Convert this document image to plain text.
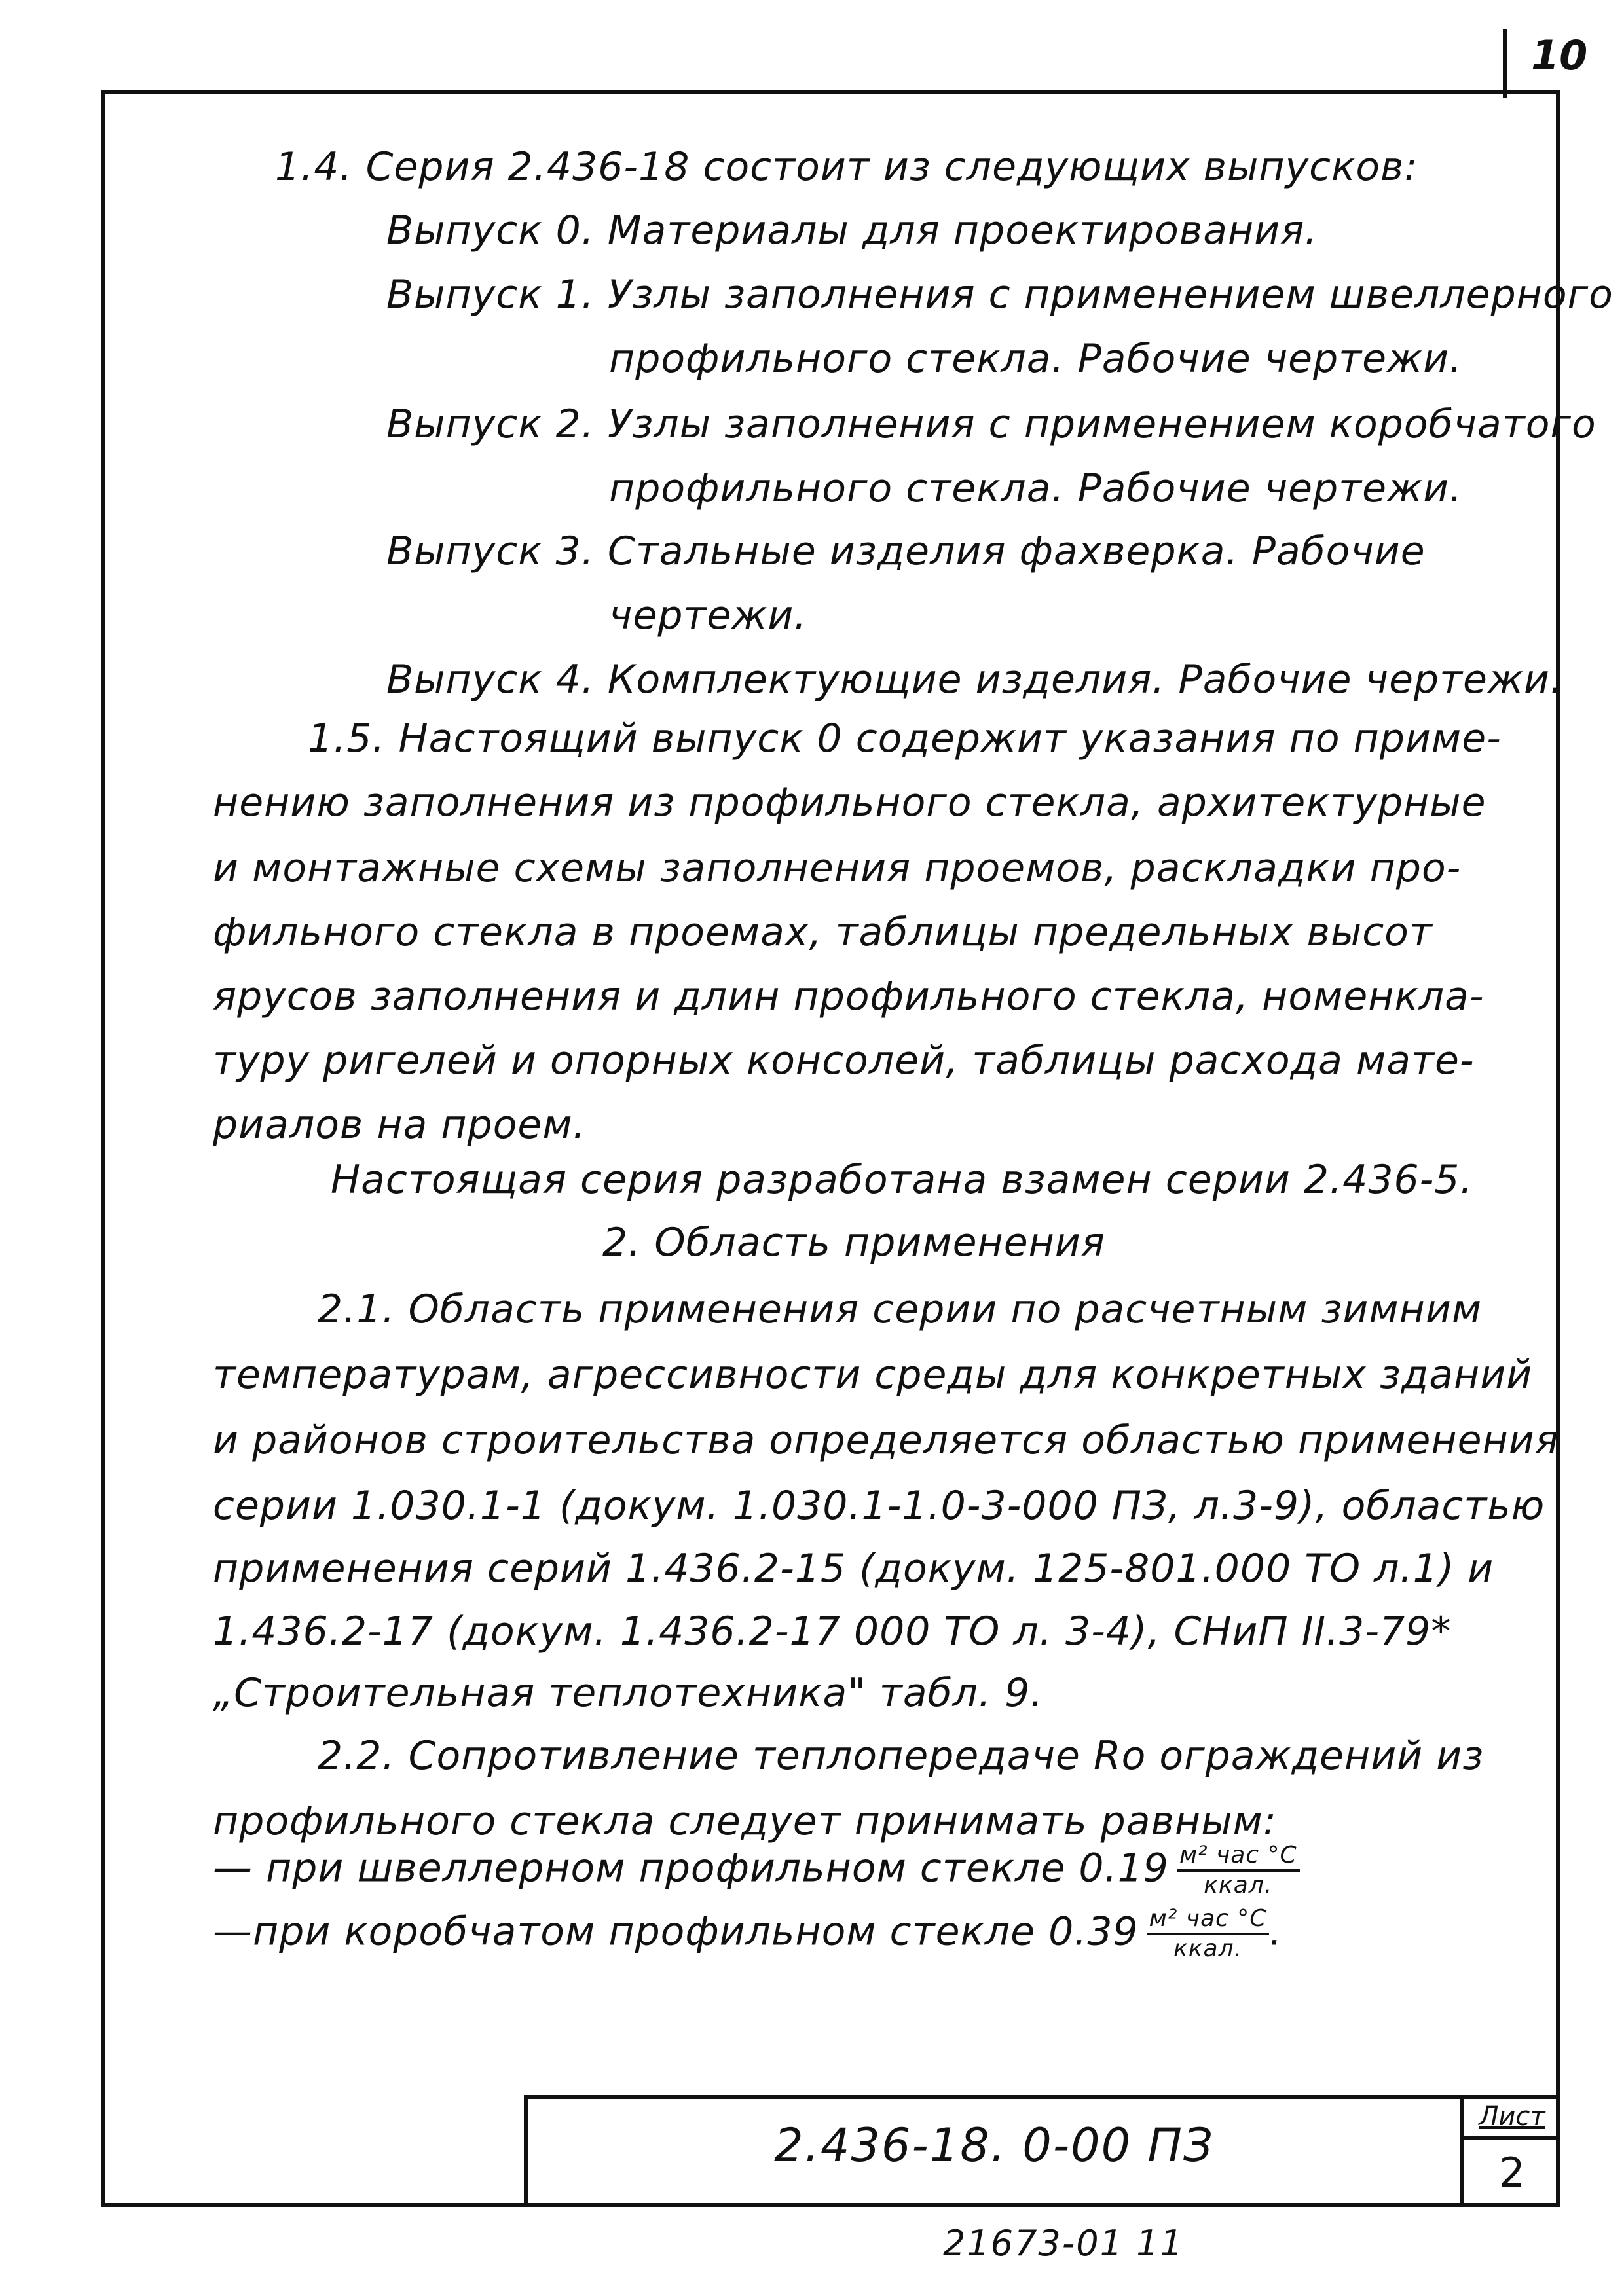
10
1.4. Серия 2.436-18 состоит из следующих выпусков:
Выпуск 0. Материалы для проектирования.
Выпуск 1. Узлы заполнения с применением швеллерного
профильного стекла. Рабочие чертежи.
Выпуск 2. Узлы заполнения с применением коробчатого
профильного стекла. Рабочие чертежи.
Выпуск 3. Стальные изделия фахверка. Рабочие
чертежи.
Выпуск 4. Комплектующие изделия. Рабочие чертежи.
1.5. Настоящий выпуск 0 содержит указания по приме-
нению заполнения из профильного стекла, архитектурные
и монтажные схемы заполнения проемов, раскладки про-
фильного стекла в проемах, таблицы предельных высот
ярусов заполнения и длин профильного стекла, номенкла-
туру ригелей и опорных консолей, таблицы расхода мате-
риалов на проем.
Настоящая серия разработана взамен серии 2.436-5.
2. Область применения
2.1. Область применения серии по расчетным зимним
температурам, агрессивности среды для конкретных зданий
и районов строительства определяется областью применения
серии 1.030.1-1 (докум. 1.030.1-1.0-3-000 ПЗ, л.3-9), областью
применения серий 1.436.2-15 (докум. 125-801.000 ТО л.1) и
1.436.2-17 (докум. 1.436.2-17 000 ТО л. 3-4), СНиП II.3-79*
„Строительная теплотехника" табл. 9.
2.2. Сопротивление теплопередаче Ro ограждений из
профильного стекла следует принимать равным:
— при швеллерном профильном стекле $0.19 \frac{\text{м² час °С}}{\text{ккал.}}$
—при коробчатом профильном стекле $0.39 \frac{\text{м² час °С}}{\text{ккал.}}$ .
Лист
2.436-18. 0-00 ПЗ
2
21673-01 11
